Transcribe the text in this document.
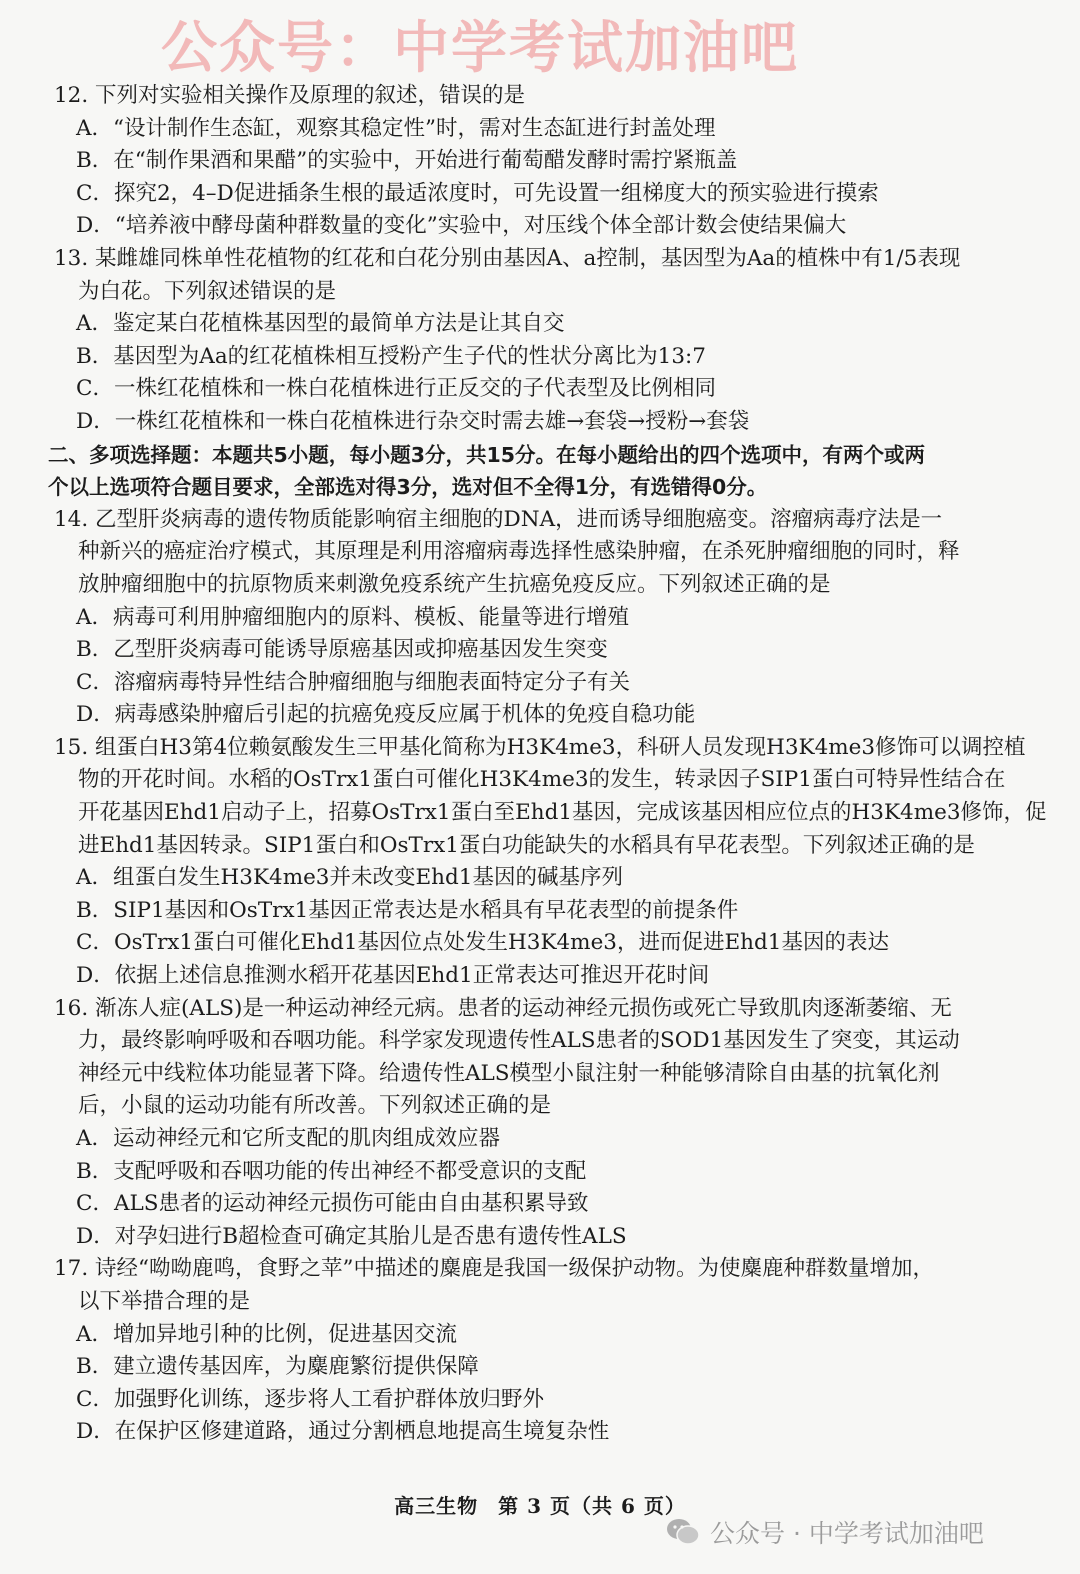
公众号：中学考试加油吧
12. 下列对实验相关操作及原理的叙述，错误的是
A．“设计制作生态缸，观察其稳定性”时，需对生态缸进行封盖处理
B．在“制作果酒和果醋”的实验中，开始进行葡萄醋发酵时需拧紧瓶盖
C．探究2，4–D促进插条生根的最适浓度时，可先设置一组梯度大的预实验进行摸索
D．“培养液中酵母菌种群数量的变化”实验中，对压线个体全部计数会使结果偏大
13. 某雌雄同株单性花植物的红花和白花分别由基因A、a控制，基因型为Aa的植株中有1/5表现
为白花。下列叙述错误的是
A．鉴定某白花植株基因型的最简单方法是让其自交
B．基因型为Aa的红花植株相互授粉产生子代的性状分离比为13:7
C．一株红花植株和一株白花植株进行正反交的子代表型及比例相同
D．一株红花植株和一株白花植株进行杂交时需去雄→套袋→授粉→套袋
二、多项选择题：本题共5小题，每小题3分，共15分。在每小题给出的四个选项中，有两个或两
个以上选项符合题目要求，全部选对得3分，选对但不全得1分，有选错得0分。
14. 乙型肝炎病毒的遗传物质能影响宿主细胞的DNA，进而诱导细胞癌变。溶瘤病毒疗法是一
种新兴的癌症治疗模式，其原理是利用溶瘤病毒选择性感染肿瘤，在杀死肿瘤细胞的同时，释
放肿瘤细胞中的抗原物质来刺激免疫系统产生抗癌免疫反应。下列叙述正确的是
A．病毒可利用肿瘤细胞内的原料、模板、能量等进行增殖
B．乙型肝炎病毒可能诱导原癌基因或抑癌基因发生突变
C．溶瘤病毒特异性结合肿瘤细胞与细胞表面特定分子有关
D．病毒感染肿瘤后引起的抗癌免疫反应属于机体的免疫自稳功能
15. 组蛋白H3第4位赖氨酸发生三甲基化简称为H3K4me3，科研人员发现H3K4me3修饰可以调控植
物的开花时间。水稻的OsTrx1蛋白可催化H3K4me3的发生，转录因子SIP1蛋白可特异性结合在
开花基因Ehd1启动子上，招募OsTrx1蛋白至Ehd1基因，完成该基因相应位点的H3K4me3修饰，促
进Ehd1基因转录。SIP1蛋白和OsTrx1蛋白功能缺失的水稻具有早花表型。下列叙述正确的是
A．组蛋白发生H3K4me3并未改变Ehd1基因的碱基序列
B．SIP1基因和OsTrx1基因正常表达是水稻具有早花表型的前提条件
C．OsTrx1蛋白可催化Ehd1基因位点处发生H3K4me3，进而促进Ehd1基因的表达
D．依据上述信息推测水稻开花基因Ehd1正常表达可推迟开花时间
16. 渐冻人症(ALS)是一种运动神经元病。患者的运动神经元损伤或死亡导致肌肉逐渐萎缩、无
力，最终影响呼吸和吞咽功能。科学家发现遗传性ALS患者的SOD1基因发生了突变，其运动
神经元中线粒体功能显著下降。给遗传性ALS模型小鼠注射一种能够清除自由基的抗氧化剂
后，小鼠的运动功能有所改善。下列叙述正确的是
A．运动神经元和它所支配的肌肉组成效应器
B．支配呼吸和吞咽功能的传出神经不都受意识的支配
C．ALS患者的运动神经元损伤可能由自由基积累导致
D．对孕妇进行B超检查可确定其胎儿是否患有遗传性ALS
17. 诗经“呦呦鹿鸣，食野之苹”中描述的麋鹿是我国一级保护动物。为使麋鹿种群数量增加，
以下举措合理的是
A．增加异地引种的比例，促进基因交流
B．建立遗传基因库，为麋鹿繁衍提供保障
C．加强野化训练，逐步将人工看护群体放归野外
D．在保护区修建道路，通过分割栖息地提高生境复杂性
高三生物 第 3 页（共 6 页）
公众号 · 中学考试加油吧
